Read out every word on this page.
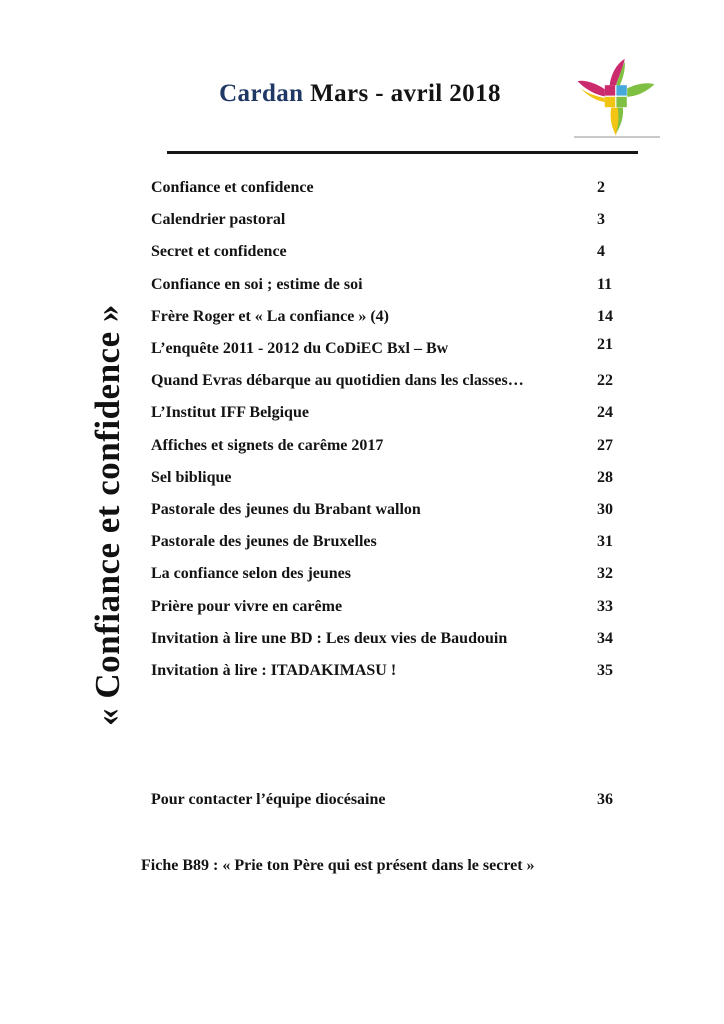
Cardan Mars - avril 2018
« Confiance et confidence »
Confiance et confidence	2
Calendrier pastoral	3
Secret et confidence	4
Confiance en soi ; estime de soi	11
Frère Roger et « La confiance » (4)	14
L’enquête 2011 - 2012 du CoDiEC Bxl – Bw	21
Quand Evras débarque au quotidien dans les classes…	22
L’Institut IFF Belgique	24
Affiches et signets de carême 2017	27
Sel biblique	28
Pastorale des jeunes du Brabant wallon	30
Pastorale des jeunes de Bruxelles	31
La confiance selon des jeunes	32
Prière pour vivre en carême	33
Invitation à lire une BD : Les deux vies de Baudouin	34
Invitation à lire : ITADAKIMASU !	35
Pour contacter l’équipe diocésaine	36
Fiche B89 : « Prie ton Père qui est présent dans le secret »
